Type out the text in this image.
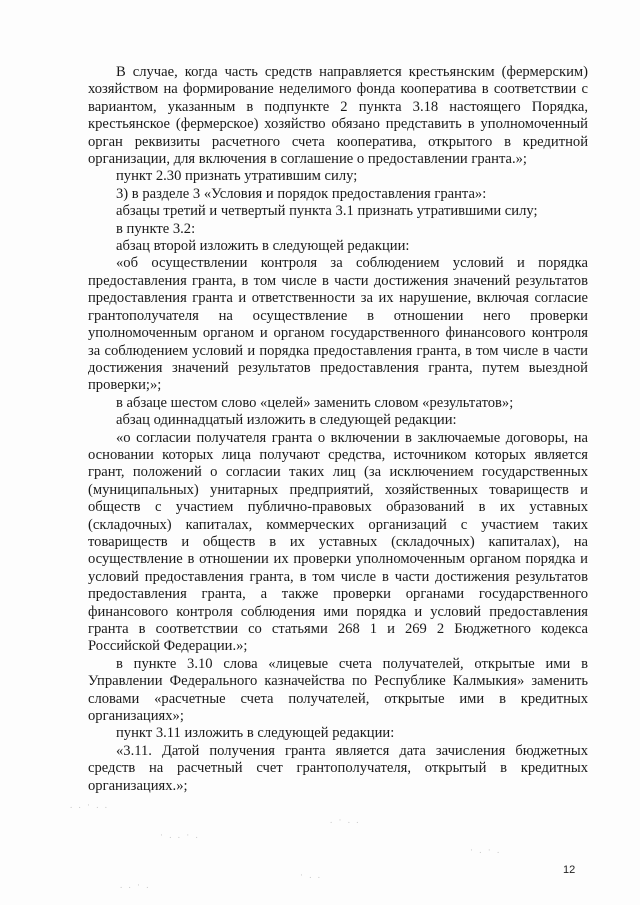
В случае, когда часть средств направляется крестьянским (фермерским) хозяйством на формирование неделимого фонда кооператива в соответствии с вариантом, указанным в подпункте 2 пункта 3.18 настоящего Порядка, крестьянское (фермерское) хозяйство обязано представить в уполномоченный орган реквизиты расчетного счета кооператива, открытого в кредитной организации, для включения в соглашение о предоставлении гранта.»;

пункт 2.30 признать утратившим силу;

3) в разделе 3 «Условия и порядок предоставления гранта»:

абзацы третий и четвертый пункта 3.1 признать утратившими силу;

в пункте 3.2:

абзац второй изложить в следующей редакции:

«об осуществлении контроля за соблюдением условий и порядка предоставления гранта, в том числе в части достижения значений результатов предоставления гранта и ответственности за их нарушение, включая согласие грантополучателя на осуществление в отношении него проверки уполномоченным органом и органом государственного финансового контроля за соблюдением условий и порядка предоставления гранта, в том числе в части достижения значений результатов предоставления гранта, путем выездной проверки;»;

в абзаце шестом слово «целей» заменить словом «результатов»;

абзац одиннадцатый изложить в следующей редакции:

«о согласии получателя гранта о включении в заключаемые договоры, на основании которых лица получают средства, источником которых является грант, положений о согласии таких лиц (за исключением государственных (муниципальных) унитарных предприятий, хозяйственных товариществ и обществ с участием публично-правовых образований в их уставных (складочных) капиталах, коммерческих организаций с участием таких товариществ и обществ в их уставных (складочных) капиталах), на осуществление в отношении их проверки уполномоченным органом порядка и условий предоставления гранта, в том числе в части достижения результатов предоставления гранта, а также проверки органами государственного финансового контроля соблюдения ими порядка и условий предоставления гранта в соответствии со статьями 268 1 и 269 2 Бюджетного кодекса Российской Федерации.»;

в пункте 3.10 слова «лицевые счета получателей, открытые ими в Управлении Федерального казначейства по Республике Калмыкия» заменить словами «расчетные счета получателей, открытые ими в кредитных организациях»;

пункт 3.11 изложить в следующей редакции:

«3.11. Датой получения гранта является дата зачисления бюджетных средств на расчетный счет грантополучателя, открытый в кредитных организациях.»;

. . · . .
· . . · .
. · . .
· . · .
. . · .
· . .	12
